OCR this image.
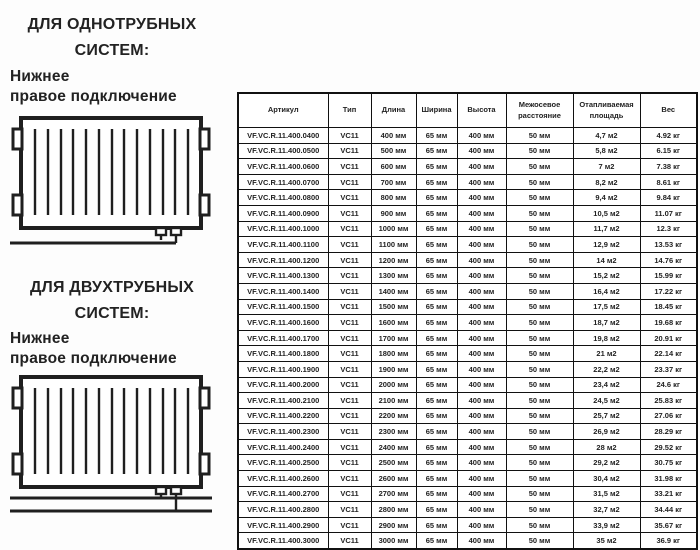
ДЛЯ ОДНОТРУБНЫХ
СИСТЕМ:
Нижнее
правое подключение
ДЛЯ ДВУХТРУБНЫХ
СИСТЕМ:
Нижнее
правое подключение
Артикул	Тип	Длина	Ширина	Высота	Межосевое расстояние	Отапливаемая площадь	Вес
VF.VC.R.11.400.0400	VC11	400 мм	65 мм	400 мм	50 мм	4,7 м2	4.92 кг
VF.VC.R.11.400.0500	VC11	500 мм	65 мм	400 мм	50 мм	5,8 м2	6.15 кг
VF.VC.R.11.400.0600	VC11	600 мм	65 мм	400 мм	50 мм	7 м2	7.38 кг
VF.VC.R.11.400.0700	VC11	700 мм	65 мм	400 мм	50 мм	8,2 м2	8.61 кг
VF.VC.R.11.400.0800	VC11	800 мм	65 мм	400 мм	50 мм	9,4 м2	9.84 кг
VF.VC.R.11.400.0900	VC11	900 мм	65 мм	400 мм	50 мм	10,5 м2	11.07 кг
VF.VC.R.11.400.1000	VC11	1000 мм	65 мм	400 мм	50 мм	11,7 м2	12.3 кг
VF.VC.R.11.400.1100	VC11	1100 мм	65 мм	400 мм	50 мм	12,9 м2	13.53 кг
VF.VC.R.11.400.1200	VC11	1200 мм	65 мм	400 мм	50 мм	14 м2	14.76 кг
VF.VC.R.11.400.1300	VC11	1300 мм	65 мм	400 мм	50 мм	15,2 м2	15.99 кг
VF.VC.R.11.400.1400	VC11	1400 мм	65 мм	400 мм	50 мм	16,4 м2	17.22 кг
VF.VC.R.11.400.1500	VC11	1500 мм	65 мм	400 мм	50 мм	17,5 м2	18.45 кг
VF.VC.R.11.400.1600	VC11	1600 мм	65 мм	400 мм	50 мм	18,7 м2	19.68 кг
VF.VC.R.11.400.1700	VC11	1700 мм	65 мм	400 мм	50 мм	19,8 м2	20.91 кг
VF.VC.R.11.400.1800	VC11	1800 мм	65 мм	400 мм	50 мм	21 м2	22.14 кг
VF.VC.R.11.400.1900	VC11	1900 мм	65 мм	400 мм	50 мм	22,2 м2	23.37 кг
VF.VC.R.11.400.2000	VC11	2000 мм	65 мм	400 мм	50 мм	23,4 м2	24.6 кг
VF.VC.R.11.400.2100	VC11	2100 мм	65 мм	400 мм	50 мм	24,5 м2	25.83 кг
VF.VC.R.11.400.2200	VC11	2200 мм	65 мм	400 мм	50 мм	25,7 м2	27.06 кг
VF.VC.R.11.400.2300	VC11	2300 мм	65 мм	400 мм	50 мм	26,9 м2	28.29 кг
VF.VC.R.11.400.2400	VC11	2400 мм	65 мм	400 мм	50 мм	28 м2	29.52 кг
VF.VC.R.11.400.2500	VC11	2500 мм	65 мм	400 мм	50 мм	29,2 м2	30.75 кг
VF.VC.R.11.400.2600	VC11	2600 мм	65 мм	400 мм	50 мм	30,4 м2	31.98 кг
VF.VC.R.11.400.2700	VC11	2700 мм	65 мм	400 мм	50 мм	31,5 м2	33.21 кг
VF.VC.R.11.400.2800	VC11	2800 мм	65 мм	400 мм	50 мм	32,7 м2	34.44 кг
VF.VC.R.11.400.2900	VC11	2900 мм	65 мм	400 мм	50 мм	33,9 м2	35.67 кг
VF.VC.R.11.400.3000	VC11	3000 мм	65 мм	400 мм	50 мм	35 м2	36.9 кг
